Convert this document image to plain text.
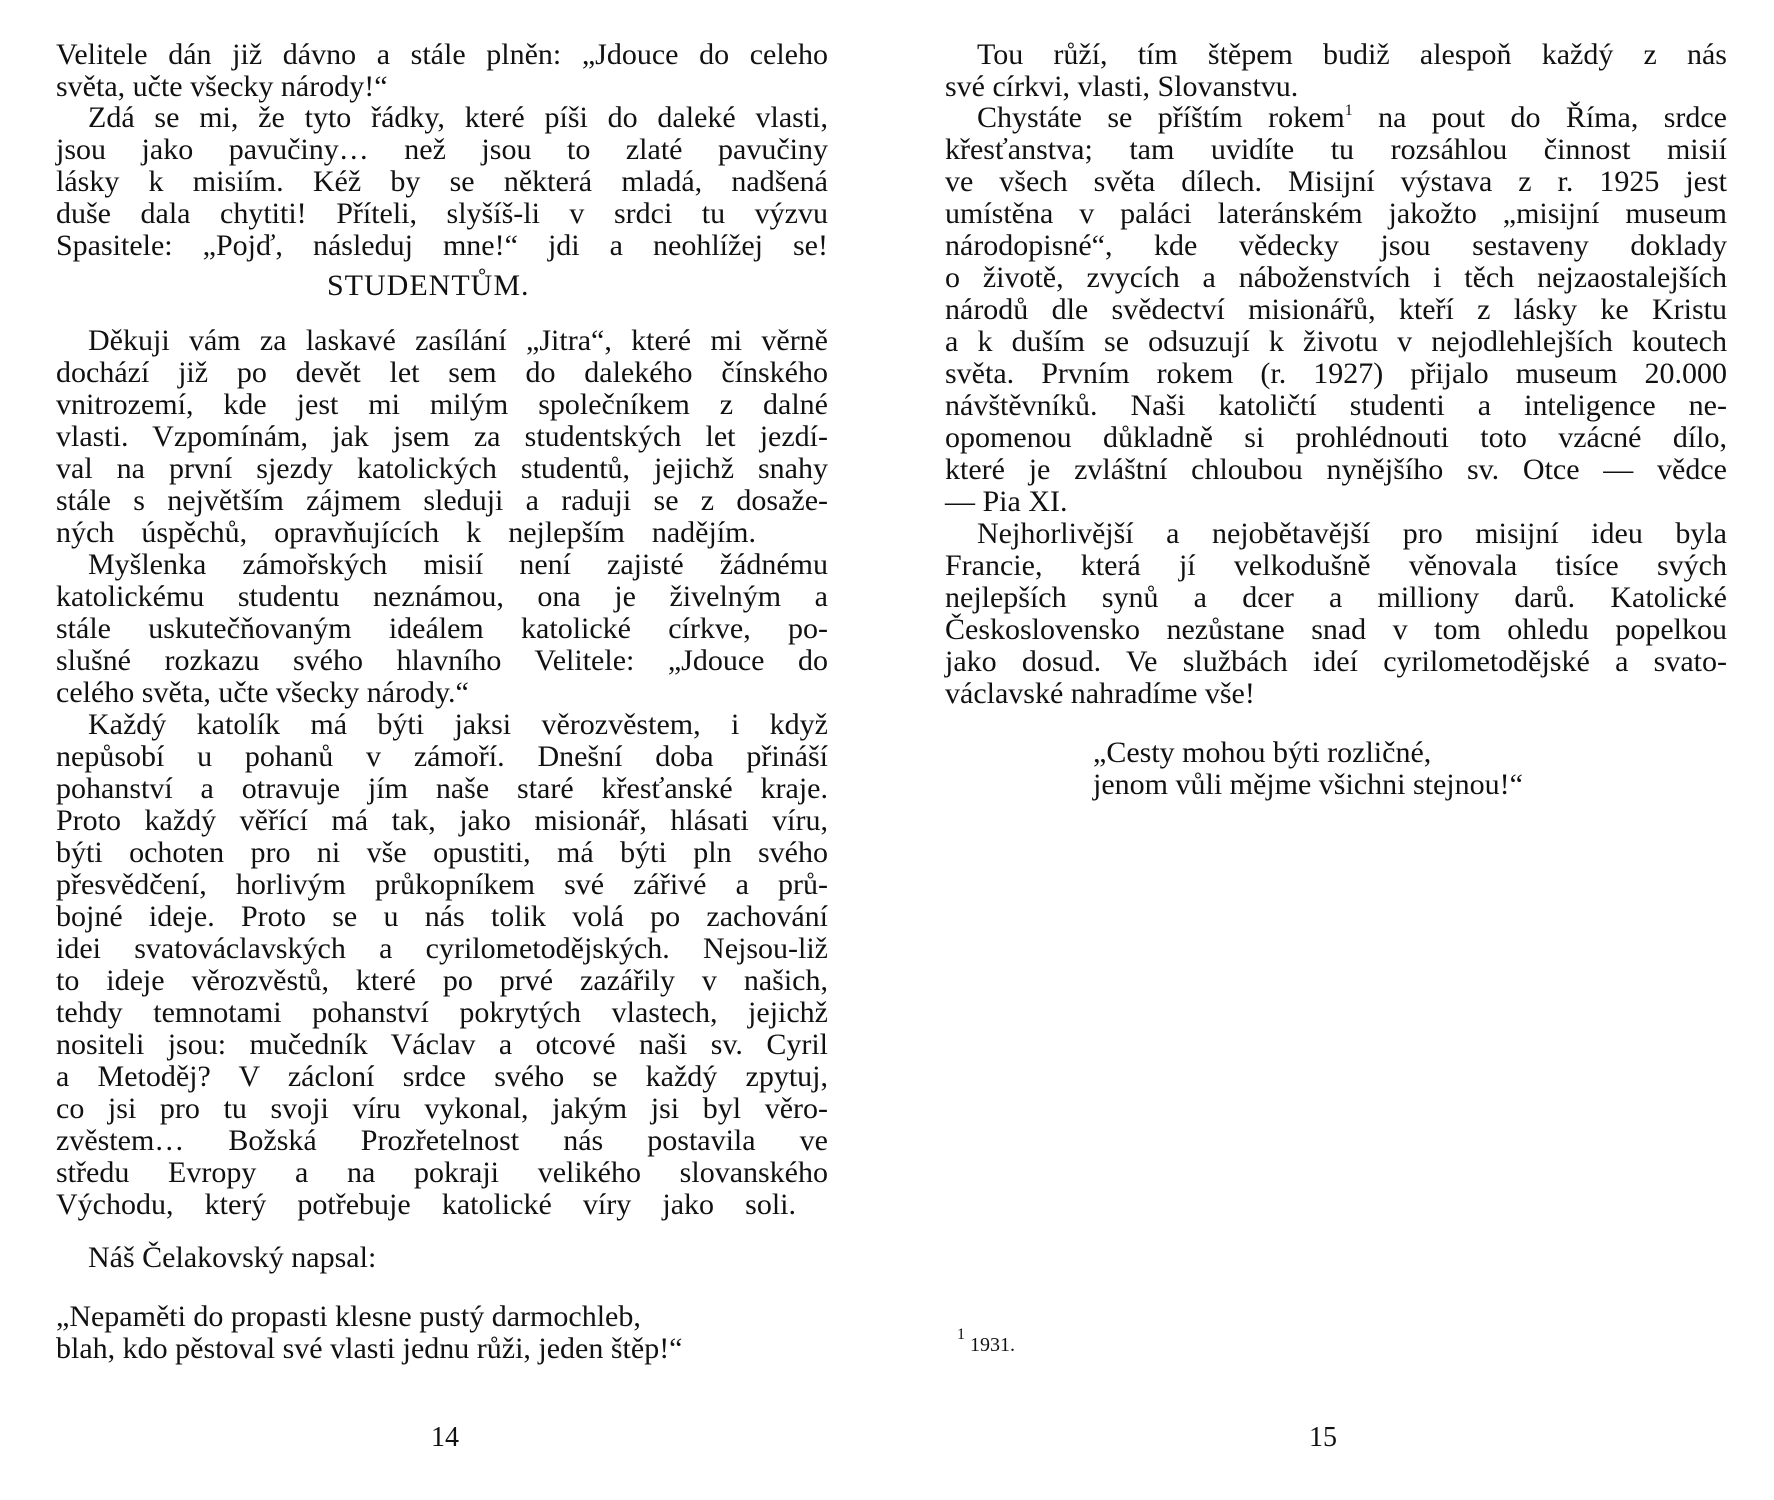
Velitele dán již dávno a stále plněn: „Jdouce do celeho
světa, učte všecky národy!“
Zdá se mi, že tyto řádky, které píši do daleké vlasti,
jsou jako pavučiny… než jsou to zlaté pavučiny
lásky k misiím. Kéž by se některá mladá, nadšená
duše dala chytiti! Příteli, slyšíš-li v srdci tu výzvu
Spasitele: „Pojď, následuj mne!“ jdi a neohlížej se!
STUDENTŮM.
Děkuji vám za laskavé zasílání „Jitra“, které mi věrně
dochází již po devět let sem do dalekého čínského
vnitrozemí, kde jest mi milým společníkem z dalné
vlasti. Vzpomínám, jak jsem za studentských let jezdí-
val na první sjezdy katolických studentů, jejichž snahy
stále s největším zájmem sleduji a raduji se z dosaže-
ných úspěchů, opravňujících k nejlepším nadějím.
Myšlenka zámořských misií není zajisté žádnému
katolickému studentu neznámou, ona je živelným a
stále uskutečňovaným ideálem katolické církve, po-
slušné rozkazu svého hlavního Velitele: „Jdouce do
celého světa, učte všecky národy.“
Každý katolík má býti jaksi věrozvěstem, i když
nepůsobí u pohanů v zámoří. Dnešní doba přináší
pohanství a otravuje jím naše staré křesťanské kraje.
Proto každý věřící má tak, jako misionář, hlásati víru,
býti ochoten pro ni vše opustiti, má býti pln svého
přesvědčení, horlivým průkopníkem své zářivé a prů-
bojné ideje. Proto se u nás tolik volá po zachování
idei svatováclavských a cyrilometodějských. Nejsou-liž
to ideje věrozvěstů, které po prvé zazářily v našich,
tehdy temnotami pohanství pokrytých vlastech, jejichž
nositeli jsou: mučedník Václav a otcové naši sv. Cyril
a Metoděj? V zácloní srdce svého se každý zpytuj,
co jsi pro tu svoji víru vykonal, jakým jsi byl věro-
zvěstem… Božská Prozřetelnost nás postavila ve
středu Evropy a na pokraji velikého slovanského
Východu, který potřebuje katolické víry jako soli.
Náš Čelakovský napsal:
„Nepaměti do propasti klesne pustý darmochleb,
blah, kdo pěstoval své vlasti jednu růži, jeden štěp!“
14
Tou růží, tím štěpem budiž alespoň každý z nás
své církvi, vlasti, Slovanstvu.
Chystáte se příštím rokem$^1$ na pout do Říma, srdce
křesťanstva; tam uvidíte tu rozsáhlou činnost misií
ve všech světa dílech. Misijní výstava z r. 1925 jest
umístěna v paláci lateránském jakožto „misijní museum
národopisné“, kde vědecky jsou sestaveny doklady
o životě, zvycích a náboženstvích i těch nejzaostalejších
národů dle svědectví misionářů, kteří z lásky ke Kristu
a k duším se odsuzují k životu v nejodlehlejších koutech
světa. Prvním rokem (r. 1927) přijalo museum 20.000
návštěvníků. Naši katoličtí studenti a inteligence ne-
opomenou důkladně si prohlédnouti toto vzácné dílo,
které je zvláštní chloubou nynějšího sv. Otce — vědce
— Pia XI.
Nejhorlivější a nejobětavější pro misijní ideu byla
Francie, která jí velkodušně věnovala tisíce svých
nejlepších synů a dcer a milliony darů. Katolické
Československo nezůstane snad v tom ohledu popelkou
jako dosud. Ve službách ideí cyrilometodějské a svato-
václavské nahradíme vše!
„Cesty mohou býti rozličné,
jenom vůli mějme všichni stejnou!“
$^1$ 1931.
15
